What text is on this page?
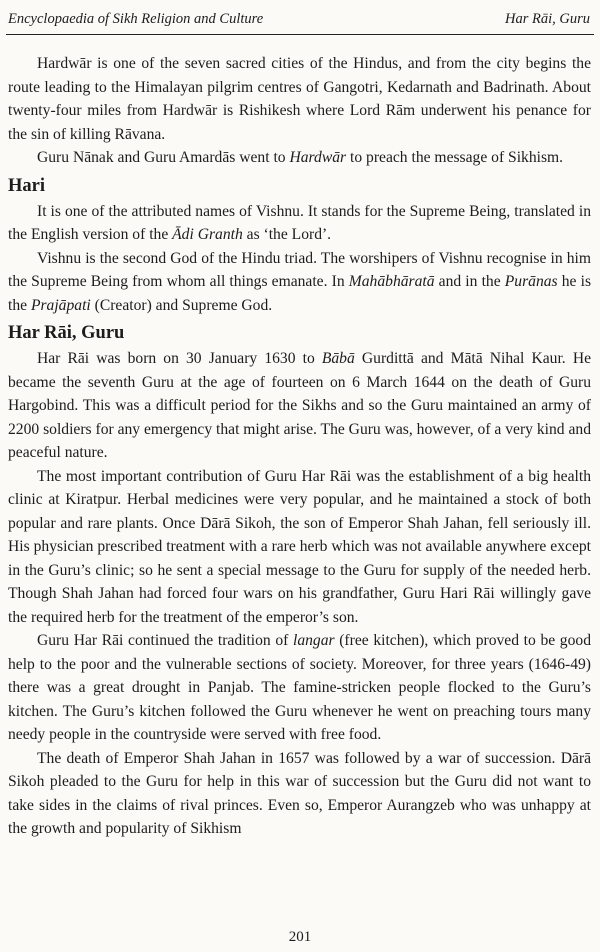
Encyclopaedia of Sikh Religion and Culture	Har Rāi, Guru

Hardwār is one of the seven sacred cities of the Hindus, and from the city begins the route leading to the Himalayan pilgrim centres of Gangotri, Kedarnath and Badrinath. About twenty-four miles from Hardwār is Rishikesh where Lord Rām underwent his penance for the sin of killing Rāvana.

Guru Nānak and Guru Amardās went to Hardwār to preach the message of Sikhism.

Hari

It is one of the attributed names of Vishnu. It stands for the Supreme Being, translated in the English version of the Ādi Granth as ‘the Lord’.

Vishnu is the second God of the Hindu triad. The worshipers of Vishnu recognise in him the Supreme Being from whom all things emanate. In Mahābhāratā and in the Purānas he is the Prajāpati (Creator) and Supreme God.

Har Rāi, Guru

Har Rāi was born on 30 January 1630 to Bābā Gurdittā and Mātā Nihal Kaur. He became the seventh Guru at the age of fourteen on 6 March 1644 on the death of Guru Hargobind. This was a difficult period for the Sikhs and so the Guru maintained an army of 2200 soldiers for any emergency that might arise. The Guru was, however, of a very kind and peaceful nature.

The most important contribution of Guru Har Rāi was the establishment of a big health clinic at Kiratpur. Herbal medicines were very popular, and he maintained a stock of both popular and rare plants. Once Dārā Sikoh, the son of Emperor Shah Jahan, fell seriously ill. His physician prescribed treatment with a rare herb which was not available anywhere except in the Guru’s clinic; so he sent a special message to the Guru for supply of the needed herb. Though Shah Jahan had forced four wars on his grandfather, Guru Hari Rāi willingly gave the required herb for the treatment of the emperor’s son.

Guru Har Rāi continued the tradition of langar (free kitchen), which proved to be good help to the poor and the vulnerable sections of society. Moreover, for three years (1646-49) there was a great drought in Panjab. The famine-stricken people flocked to the Guru’s kitchen. The Guru’s kitchen followed the Guru whenever he went on preaching tours many needy people in the countryside were served with free food.

The death of Emperor Shah Jahan in 1657 was followed by a war of succession. Dārā Sikoh pleaded to the Guru for help in this war of succession but the Guru did not want to take sides in the claims of rival princes. Even so, Emperor Aurangzeb who was unhappy at the growth and popularity of Sikhism

201
